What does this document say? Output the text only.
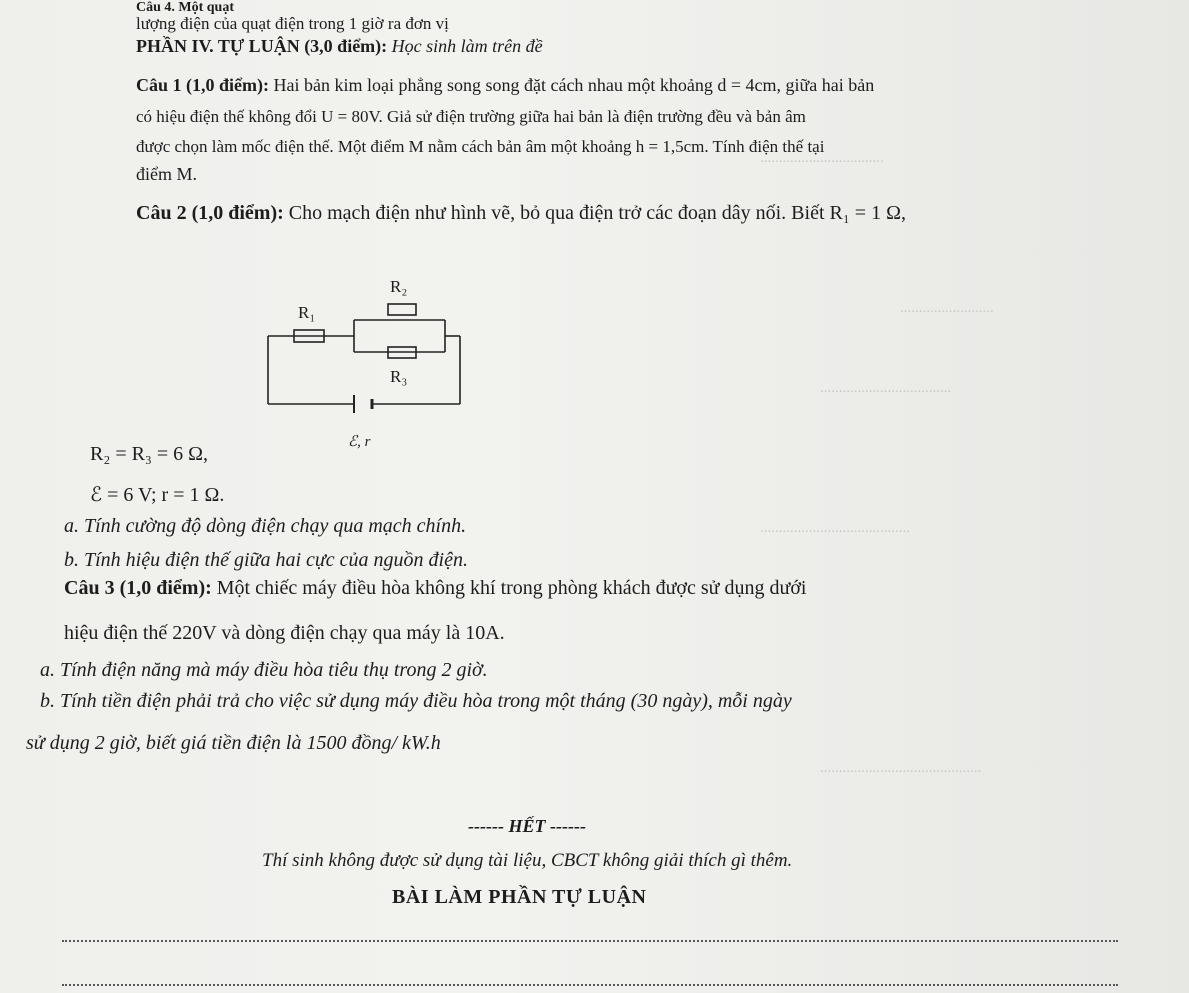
.................................
.........................
...................................
........................................
...........................................
Câu 4. Một quạt
lượng điện của quạt điện trong 1 giờ ra đơn vị
PHẦN IV. TỰ LUẬN (3,0 điểm): Học sinh làm trên đề
Câu 1 (1,0 điểm): Hai bản kim loại phẳng song song đặt cách nhau một khoảng d = 4cm, giữa hai bản
có hiệu điện thế không đổi U = 80V. Giả sử điện trường giữa hai bản là điện trường đều và bản âm
được chọn làm mốc điện thế. Một điểm M nằm cách bản âm một khoảng h = 1,5cm. Tính điện thế tại
điểm M.
Câu 2 (1,0 điểm): Cho mạch điện như hình vẽ, bỏ qua điện trở các đoạn dây nối. Biết R₁ = 1 Ω,
R₂
R₁
R₃
ℰ, r
R₂ = R₃ = 6 Ω,
ℰ = 6 V; r = 1 Ω.
a. Tính cường độ dòng điện chạy qua mạch chính.
b. Tính hiệu điện thế giữa hai cực của nguồn điện.
Câu 3 (1,0 điểm): Một chiếc máy điều hòa không khí trong phòng khách được sử dụng dưới
hiệu điện thế 220V và dòng điện chạy qua máy là 10A.
a. Tính điện năng mà máy điều hòa tiêu thụ trong 2 giờ.
b. Tính tiền điện phải trả cho việc sử dụng máy điều hòa trong một tháng (30 ngày), mỗi ngày
sử dụng 2 giờ, biết giá tiền điện là 1500 đồng/ kW.h
------ HẾT ------
Thí sinh không được sử dụng tài liệu, CBCT không giải thích gì thêm.
BÀI LÀM PHẦN TỰ LUẬN
